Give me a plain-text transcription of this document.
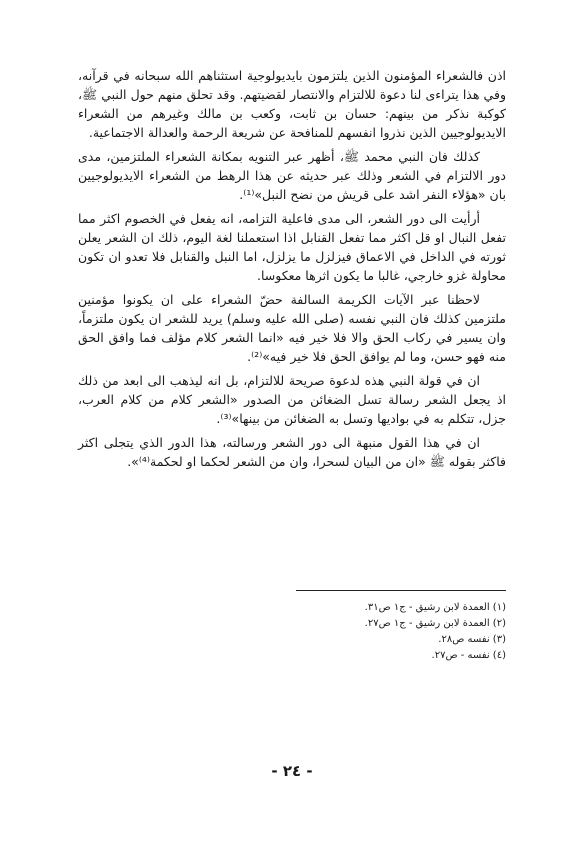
اذن فالشعراء المؤمنون الذين يلتزمون بايديولوجية استثناهم الله سبحانه في قرآنه، وفي هذا يتراءى لنا دعوة للالتزام والانتصار لقضيتهم. وقد تحلق منهم حول النبي ﷺ، كوكبة نذكر من بينهم: حسان بن ثابت، وكعب بن مالك وغيرهم من الشعراء الايديولوجيين الذين نذروا انفسهم للمنافحة عن شريعة الرحمة والعدالة الاجتماعية.

كذلك فان النبي محمد ﷺ، أظهر عبر التنويه بمكانة الشعراء الملتزمين، مدى دور الالتزام في الشعر وذلك عبر حديثه عن هذا الرهط من الشعراء الايديولوجيين بان «هؤلاء النفر اشد على قريش من نضح النبل»⁽¹⁾.

أرأيت الى دور الشعر، الى مدى فاعلية التزامه، انه يفعل في الخصوم اكثر مما تفعل النبال او قل اكثر مما تفعل القنابل اذا استعملنا لغة اليوم، ذلك ان الشعر يعلن ثورته في الداخل في الاعماق فيزلزل ما يزلزل، اما النبل والقنابل فلا تعدو ان تكون محاولة غزو خارجي، غالبا ما يكون اثرها معكوسا.

لاحظنا عبر الآيات الكريمة السالفة حضّ الشعراء على ان يكونوا مؤمنين ملتزمين كذلك فان النبي نفسه (صلى الله عليه وسلم) يريد للشعر ان يكون ملتزماً، وان يسير في ركاب الحق والا فلا خير فيه «انما الشعر كلام مؤلف فما وافق الحق منه فهو حسن، وما لم يوافق الحق فلا خير فيه»⁽²⁾.

ان في قولة النبي هذه لدعوة صريحة للالتزام، بل انه ليذهب الى ابعد من ذلك اذ يجعل الشعر رسالة تسل الضغائن من الصدور «الشعر كلام من كلام العرب، جزل، تتكلم به في بواديها وتسل به الضغائن من بينها»⁽³⁾.

ان في هذا القول منبهة الى دور الشعر ورسالته، هذا الدور الذي يتجلى اكثر فاكثر بقوله ﷺ «ان من البيان لسحرا، وان من الشعر لحكما او لحكمة⁽⁴⁾».

(١) العمدة لابن رشيق - ج١ ص٣١.

(٢) العمدة لابن رشيق - ج١ ص٢٧.

(٣) نفسه ص٢٨.

(٤) نفسه - ص٢٧.

- ٢٤ -
